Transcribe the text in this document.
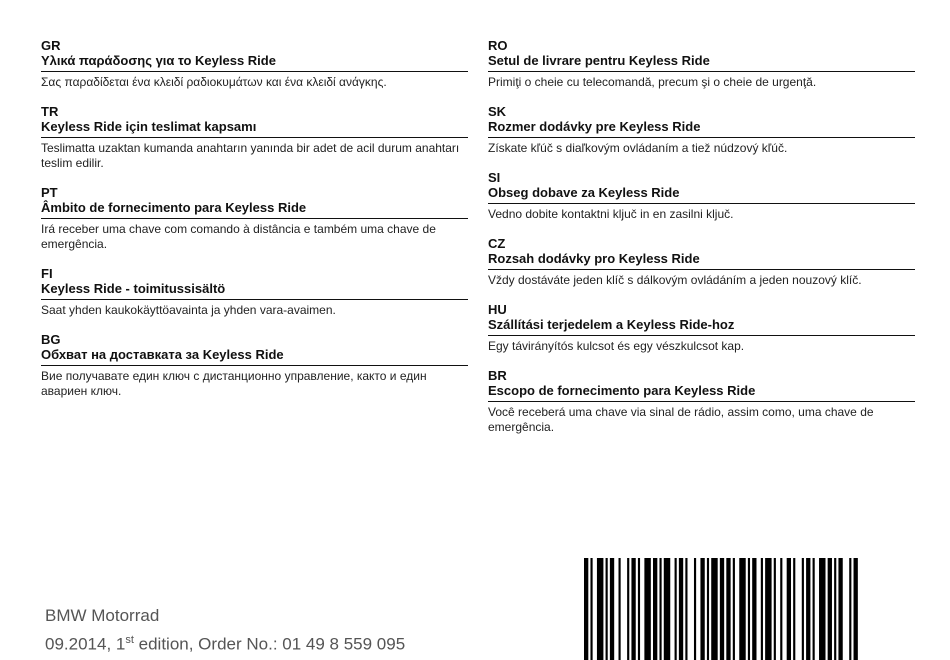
GR

Υλικά παράδοσης για το Keyless Ride

Σας παραδίδεται ένα κλειδί ραδιοκυμάτων και ένα κλειδί ανάγκης.

TR

Keyless Ride için teslimat kapsamı

Teslimatta uzaktan kumanda anahtarın yanında bir adet de acil durum anahtarı teslim edilir.

PT

Âmbito de fornecimento para Keyless Ride

Irá receber uma chave com comando à distância e também uma chave de emergência.

FI

Keyless Ride - toimitussisältö

Saat yhden kaukokäyttöavainta ja yhden vara-avaimen.

BG

Обхват на доставката за Keyless Ride

Вие получавате един ключ с дистанционно управление, както и един авариен ключ.

RO

Setul de livrare pentru Keyless Ride

Primiţi o cheie cu telecomandă, precum şi o cheie de urgenţă.

SK

Rozmer dodávky pre Keyless Ride

Získate kľúč s diaľkovým ovládaním a tiež núdzový kľúč.

SI

Obseg dobave za Keyless Ride

Vedno dobite kontaktni ključ in en zasilni ključ.

CZ

Rozsah dodávky pro Keyless Ride

Vždy dostáváte jeden klíč s dálkovým ovládáním a jeden nouzový klíč.

HU

Szállítási terjedelem a Keyless Ride-hoz

Egy távirányítós kulcsot és egy vészkulcsot kap.

BR

Escopo de fornecimento para Keyless Ride

Você receberá uma chave via sinal de rádio, assim como, uma chave de emergência.

BMW Motorrad

09.2014, 1st edition, Order No.: 01 49 8 559 095
